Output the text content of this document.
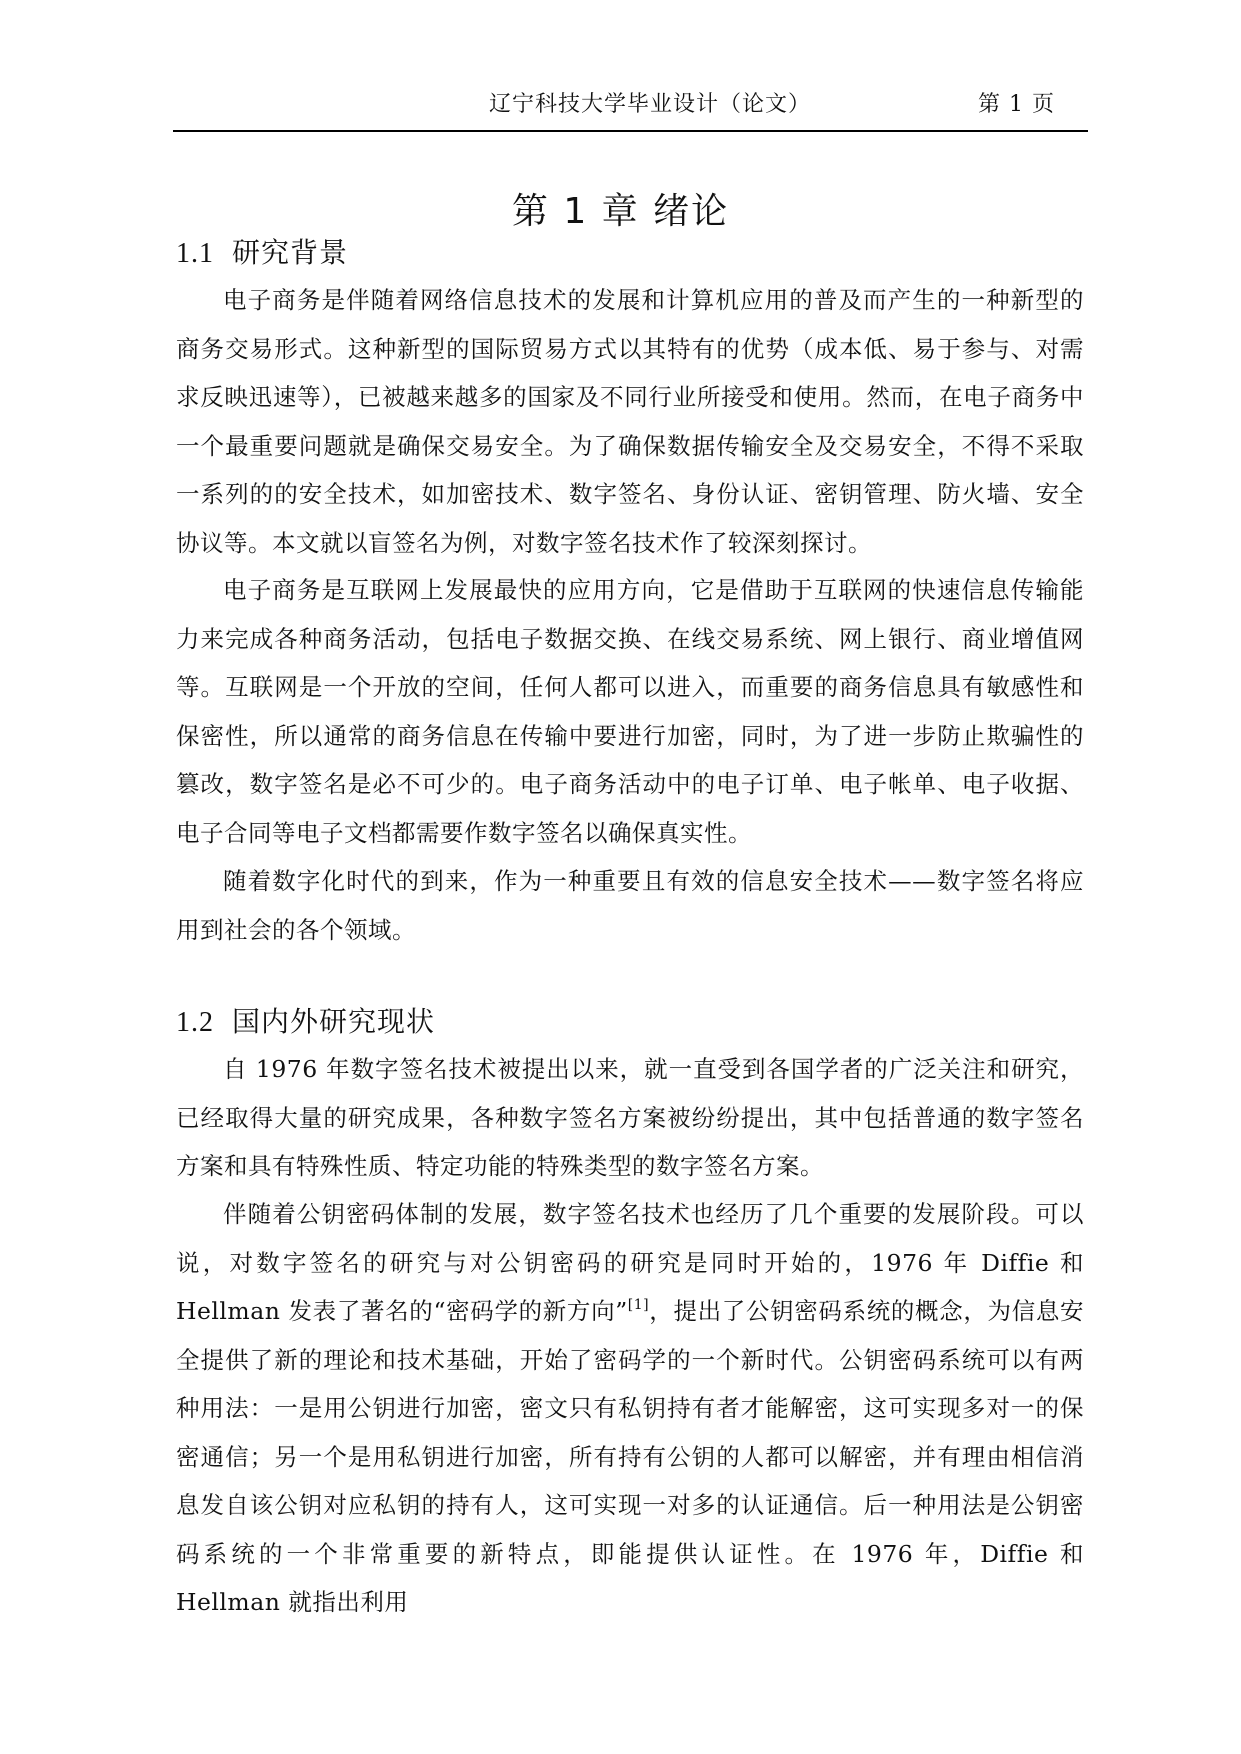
辽宁科技大学毕业设计（论文）	第 1 页
第 1 章 绪论
1.1 研究背景

电子商务是伴随着网络信息技术的发展和计算机应用的普及而产生的一种新型的商务交易形式。这种新型的国际贸易方式以其特有的优势（成本低、易于参与、对需求反映迅速等），已被越来越多的国家及不同行业所接受和使用。然而，在电子商务中一个最重要问题就是确保交易安全。为了确保数据传输安全及交易安全，不得不采取一系列的的安全技术，如加密技术、数字签名、身份认证、密钥管理、防火墙、安全协议等。本文就以盲签名为例，对数字签名技术作了较深刻探讨。

电子商务是互联网上发展最快的应用方向，它是借助于互联网的快速信息传输能力来完成各种商务活动，包括电子数据交换、在线交易系统、网上银行、商业增值网等。互联网是一个开放的空间，任何人都可以进入，而重要的商务信息具有敏感性和保密性，所以通常的商务信息在传输中要进行加密，同时，为了进一步防止欺骗性的篡改，数字签名是必不可少的。电子商务活动中的电子订单、电子帐单、电子收据、电子合同等电子文档都需要作数字签名以确保真实性。

随着数字化时代的到来，作为一种重要且有效的信息安全技术——数字签名将应用到社会的各个领域。

1.2 国内外研究现状

自 1976 年数字签名技术被提出以来，就一直受到各国学者的广泛关注和研究，已经取得大量的研究成果，各种数字签名方案被纷纷提出，其中包括普通的数字签名方案和具有特殊性质、特定功能的特殊类型的数字签名方案。

伴随着公钥密码体制的发展，数字签名技术也经历了几个重要的发展阶段。可以说，对数字签名的研究与对公钥密码的研究是同时开始的，1976 年 Diffie 和 Hellman 发表了著名的“密码学的新方向”[1]，提出了公钥密码系统的概念，为信息安全提供了新的理论和技术基础，开始了密码学的一个新时代。公钥密码系统可以有两种用法：一是用公钥进行加密，密文只有私钥持有者才能解密，这可实现多对一的保密通信；另一个是用私钥进行加密，所有持有公钥的人都可以解密，并有理由相信消息发自该公钥对应私钥的持有人，这可实现一对多的认证通信。后一种用法是公钥密码系统的一个非常重要的新特点，即能提供认证性。在 1976 年，Diffie 和 Hellman 就指出利用
